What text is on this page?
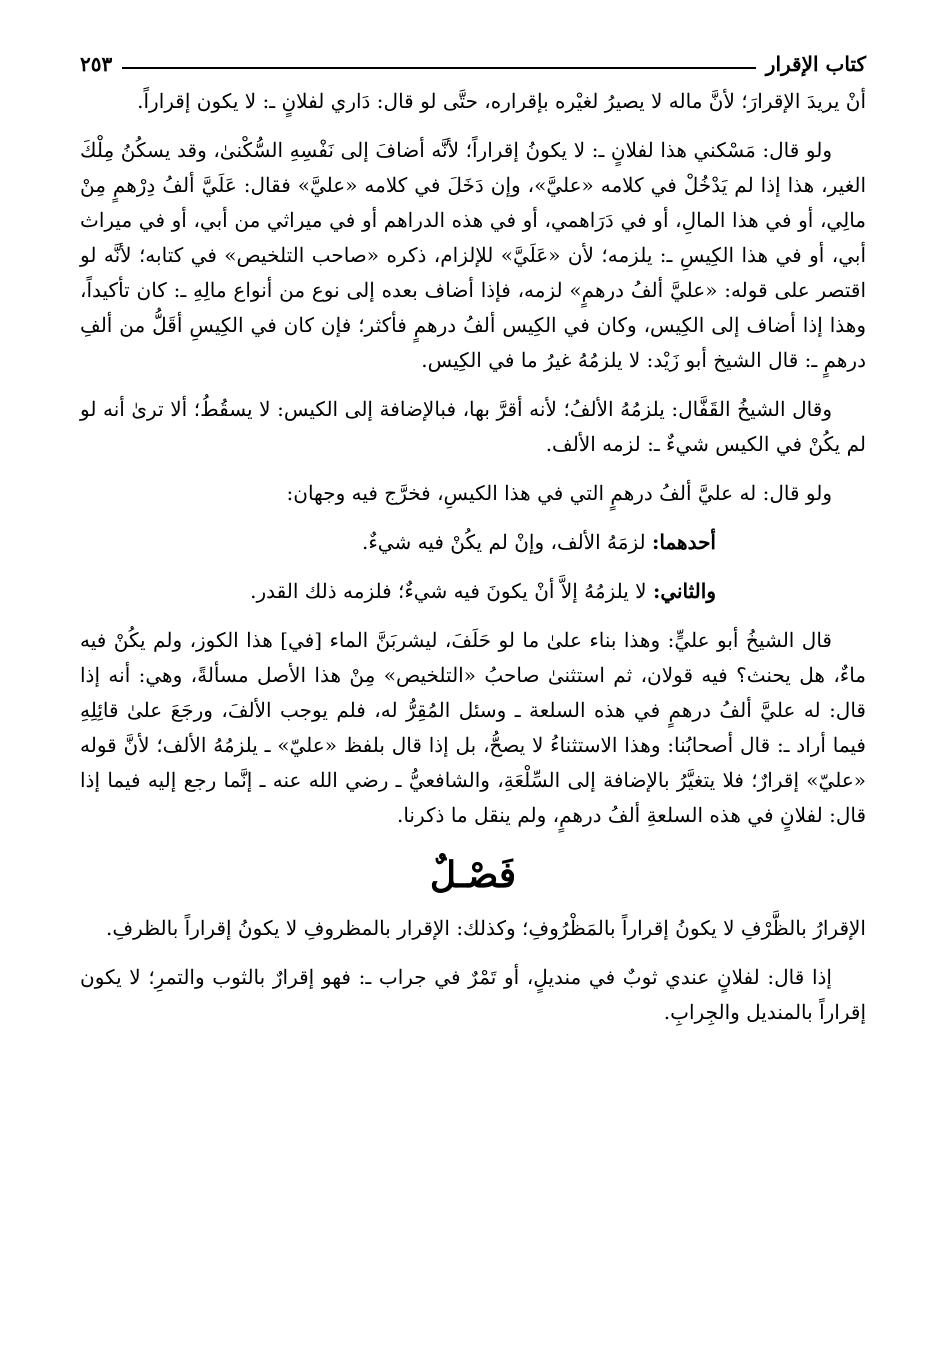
كتاب الإقرار
٢٥٣

أنْ يريدَ الإقرارَ؛ لأنَّ ماله لا يصيرُ لغيْره بإقراره، حتَّى لو قال: دَاري لفلانٍ ـ: لا يكون إقراراً.

ولو قال: مَسْكني هذا لفلانٍ ـ: لا يكونُ إقراراً؛ لأنَّه أضافَ إلى نَفْسِهِ السُّكْنىٰ، وقد يسكُنُ مِلْكَ الغير، هذا إذا لم يَدْخُلْ في كلامه «عليَّ»، وإن دَخَلَ في كلامه «عليَّ» فقال: عَلَيَّ ألفُ دِرْهمٍ مِنْ مالِي، أو في هذا المالِ، أو في دَرَاهمي، أو في هذه الدراهم أو في ميراثي من أبي، أو في ميراث أبي، أو في هذا الكِيسِ ـ: يلزمه؛ لأن «عَلَيَّ» للإلزام، ذكره «صاحب التلخيص» في كتابه؛ لأنَّه لو اقتصر على قوله: «عليَّ ألفُ درهمٍ» لزمه، فإذا أضاف بعده إلى نوع من أنواع مالِهِ ـ: كان تأكيداً، وهذا إذا أضاف إلى الكِيس، وكان في الكِيس ألفُ درهمٍ فأكثر؛ فإن كان في الكِيسِ أقَلُّ من ألفِ درهمٍ ـ: قال الشيخ أبو زَيْد: لا يلزمُهُ غيرُ ما في الكِيس.

وقال الشيخُ القَفَّال: يلزمُهُ الألفُ؛ لأنه أقرَّ بها، فبالإضافة إلى الكيس: لا يسقُطُ؛ ألا ترىٰ أنه لو لم يكُنْ في الكيس شيءٌ ـ: لزمه الألف.

ولو قال: له عليَّ ألفُ درهمٍ التي في هذا الكيسِ، فخرَّج فيه وجهان:

أحدهما: لزمَهُ الألف، وإنْ لم يكُنْ فيه شيءٌ.

والثاني: لا يلزمُهُ إلاَّ أنْ يكونَ فيه شيءٌ؛ فلزمه ذلك القدر.

قال الشيخُ أبو عليٍّ: وهذا بناء علىٰ ما لو حَلَفَ، ليشربَنَّ الماء [في] هذا الكوز، ولم يكُنْ فيه ماءٌ، هل يحنث؟ فيه قولان، ثم استثنىٰ صاحبُ «التلخيص» مِنْ هذا الأصل مسألةً، وهي: أنه إذا قال: له عليَّ ألفُ درهمٍ في هذه السلعة ـ وسئل المُقِرُّ له، فلم يوجب الألفَ، ورجَعَ علىٰ قائِلِهِ فيما أراد ـ: قال أصحابُنا: وهذا الاستثناءُ لا يصحُّ، بل إذا قال بلفظ «عليّ» ـ يلزمُهُ الألف؛ لأنَّ قوله «عليّ» إقرارٌ؛ فلا يتغيَّرُ بالإضافة إلى السِّلْعَةِ، والشافعيُّ ـ رضي الله عنه ـ إنَّما رجع إليه فيما إذا قال: لفلانٍ في هذه السلعةِ ألفُ درهمٍ، ولم ينقل ما ذكرنا.

فَصْـلٌ

الإقرارُ بالظَّرْفِ لا يكونُ إقراراً بالمَظْرُوفِ؛ وكذلك: الإقرار بالمظروفِ لا يكونُ إقراراً بالظرفِ.

إذا قال: لفلانٍ عندي ثوبٌ في منديلٍ، أو تَمْرٌ في جراب ـ: فهو إقرارٌ بالثوب والتمرِ؛ لا يكون إقراراً بالمنديل والجِرابِ.
